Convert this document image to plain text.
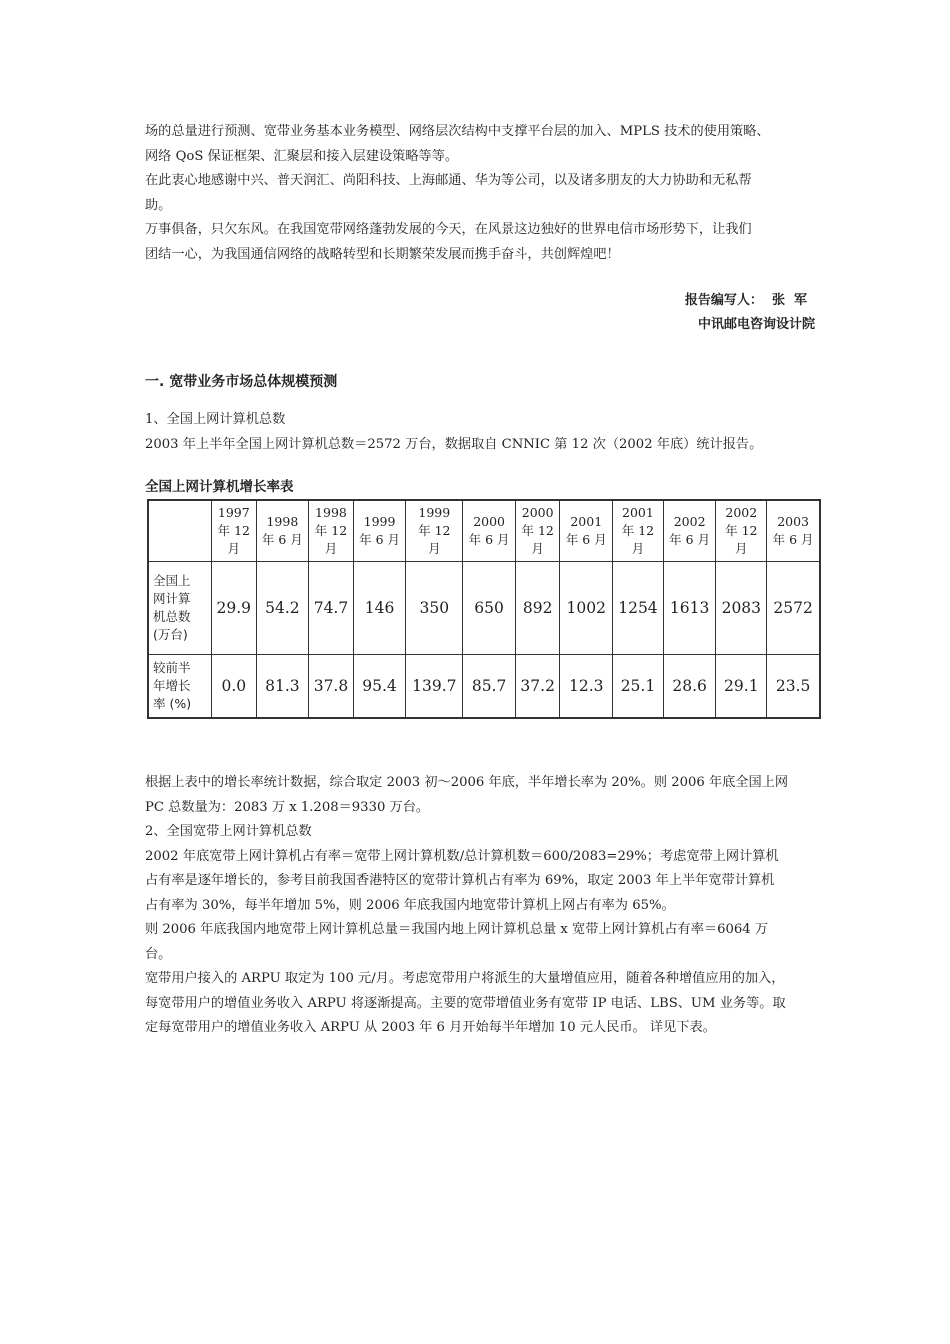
场的总量进行预测、宽带业务基本业务模型、网络层次结构中支撑平台层的加入、MPLS 技术的使用策略、
网络 QoS 保证框架、汇聚层和接入层建设策略等等。

在此衷心地感谢中兴、普天润汇、尚阳科技、上海邮通、华为等公司，以及诸多朋友的大力协助和无私帮
助。

万事俱备，只欠东风。在我国宽带网络蓬勃发展的今天，在风景这边独好的世界电信市场形势下，让我们
团结一心，为我国通信网络的战略转型和长期繁荣发展而携手奋斗，共创辉煌吧！

报告编写人：  张  军

中讯邮电咨询设计院

一. 宽带业务市场总体规模预测

1、全国上网计算机总数

2003 年上半年全国上网计算机总数＝2572 万台，数据取自 CNNIC 第 12 次（2002 年底）统计报告。

全国上网计算机增长率表

	1997
年 12
月	1998
年 6 月	1998
年 12
月	1999
年 6 月	1999
年 12
月	2000
年 6 月	2000
年 12
月	2001
年 6 月	2001
年 12
月	2002
年 6 月	2002
年 12
月	2003
年 6 月
全国上
网计算
机总数
(万台)	29.9	54.2	74.7	146	350	650	892	1002	1254	1613	2083	2572
较前半
年增长
率 (%)	0.0	81.3	37.8	95.4	139.7	85.7	37.2	12.3	25.1	28.6	29.1	23.5

根据上表中的增长率统计数据，综合取定 2003 初～2006 年底，半年增长率为 20%。则 2006 年底全国上网
PC 总数量为：2083 万 x 1.208＝9330 万台。

2、全国宽带上网计算机总数

2002 年底宽带上网计算机占有率＝宽带上网计算机数/总计算机数＝600/2083=29%；考虑宽带上网计算机
占有率是逐年增长的，参考目前我国香港特区的宽带计算机占有率为 69%，取定 2003 年上半年宽带计算机
占有率为 30%，每半年增加 5%，则 2006 年底我国内地宽带计算机上网占有率为 65%。

则 2006 年底我国内地宽带上网计算机总量＝我国内地上网计算机总量 x 宽带上网计算机占有率＝6064 万
台。

宽带用户接入的 ARPU 取定为 100 元/月。考虑宽带用户将派生的大量增值应用，随着各种增值应用的加入，
每宽带用户的增值业务收入 ARPU 将逐渐提高。主要的宽带增值业务有宽带 IP 电话、LBS、UM 业务等。取
定每宽带用户的增值业务收入 ARPU 从 2003 年 6 月开始每半年增加 10 元人民币。 详见下表。
